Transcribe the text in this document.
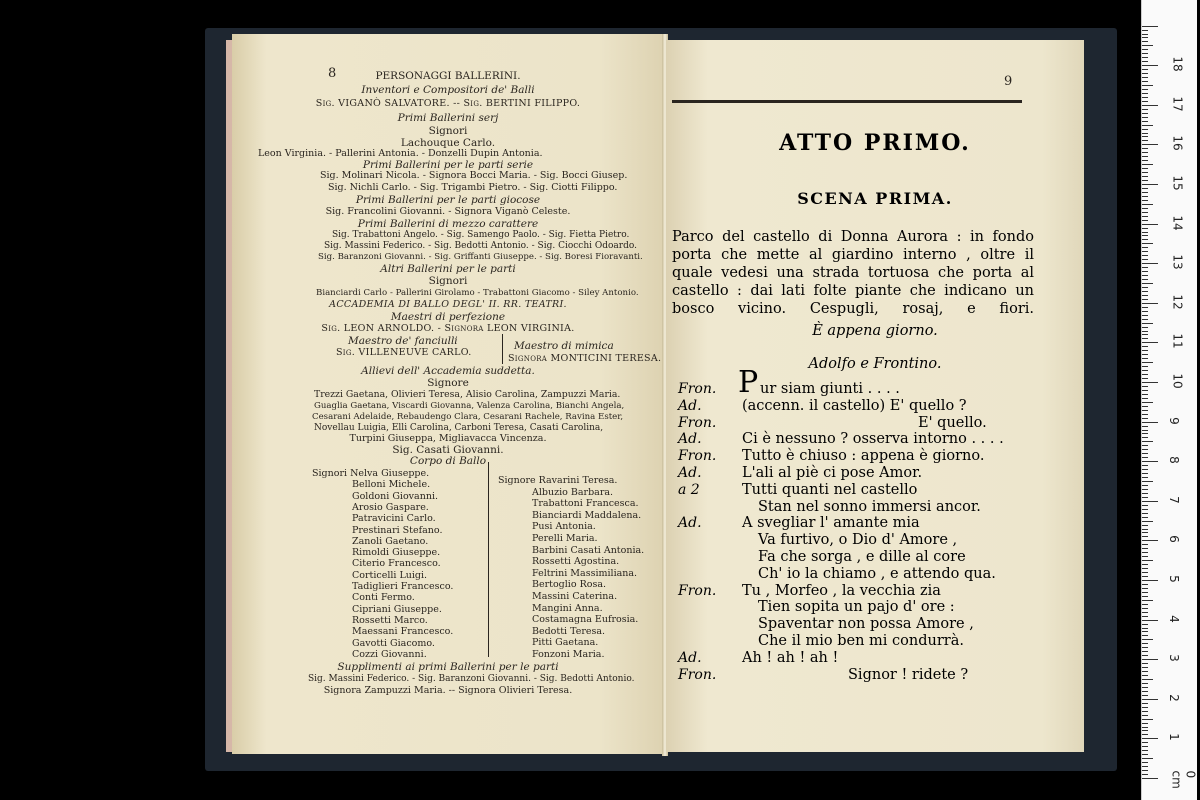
8	PERSONAGGI BALLERINI.
Inventori e Compositori de' Balli
Sig. VIGANÒ SALVATORE. -- Sig. BERTINI FILIPPO.
Primi Ballerini serj
Signori
Lachouque Carlo.
Leon Virginia. - Pallerini Antonia. - Donzelli Dupin Antonia.
Primi Ballerini per le parti serie
Sig. Molinari Nicola. - Signora Bocci Maria. - Sig. Bocci Giusep.
Sig. Nichli Carlo. - Sig. Trigambi Pietro. - Sig. Ciotti Filippo.
Primi Ballerini per le parti giocose
Sig. Francolini Giovanni. - Signora Viganò Celeste.
Primi Ballerini di mezzo carattere
Sig. Trabattoni Angelo. - Sig. Samengo Paolo. - Sig. Fietta Pietro.
Sig. Massini Federico. - Sig. Bedotti Antonio. - Sig. Ciocchi Odoardo.
Sig. Baranzoni Giovanni. - Sig. Griffanti Giuseppe. - Sig. Boresi Fioravanti.
Altri Ballerini per le parti
Signori
Bianciardi Carlo - Pallerini Girolamo - Trabattoni Giacomo - Siley Antonio.
ACCADEMIA DI BALLO DEGL' II. RR. TEATRI.
Maestri di perfezione
Sig. LEON ARNOLDO. - Signora LEON VIRGINIA.
Maestro de' fanciulli	Maestro di mimica
Sig. VILLENEUVE CARLO.
Signora MONTICINI TERESA.
Allievi dell' Accademia suddetta.
Signore
Trezzi Gaetana, Olivieri Teresa, Alisio Carolina, Zampuzzi Maria.
Guaglia Gaetana, Viscardi Giovanna, Valenza Carolina, Bianchi Angela,
Cesarani Adelaide, Rebaudengo Clara, Cesarani Rachele, Ravina Ester,
Novellau Luigia, Elli Carolina, Carboni Teresa, Casati Carolina,
Turpini Giuseppa, Migliavacca Vincenza.
Sig. Casati Giovanni.
Corpo di Ballo
Supplimenti ai primi Ballerini per le parti
Sig. Massini Federico. - Sig. Baranzoni Giovanni. - Sig. Bedotti Antonio.
Signora Zampuzzi Maria. -- Signora Olivieri Teresa.
Signori Nelva Giuseppe.
Belloni Michele.
Goldoni Giovanni.
Arosio Gaspare.
Patravicini Carlo.
Prestinari Stefano.
Zanoli Gaetano.
Rimoldi Giuseppe.
Citerio Francesco.
Corticelli Luigi.
Tadiglieri Francesco.
Conti Fermo.
Cipriani Giuseppe.
Rossetti Marco.
Maessani Francesco.
Gavotti Giacomo.
Cozzi Giovanni.
Signore Ravarini Teresa.
Albuzio Barbara.
Trabattoni Francesca.
Bianciardi Maddalena.
Pusi Antonia.
Perelli Maria.
Barbini Casati Antonia.
Rossetti Agostina.
Feltrini Massimiliana.
Bertoglio Rosa.
Massini Caterina.
Mangini Anna.
Costamagna Eufrosia.
Bedotti Teresa.
Pitti Gaetana.
Fonzoni Maria.
9
ATTO PRIMO.
SCENA PRIMA.
È appena giorno.
Adolfo e Frontino.
0 cm
1
2
3
4
5
6
7
8
9
10
11
12
13
14
15
16
17
18
Parco del castello di Donna Aurora : in fondo
porta che mette al giardino interno , oltre il
quale vedesi una strada tortuosa che porta al
castello : dai lati folte piante che indicano un
bosco vicino. Cespugli, rosaj, e fiori.
Fron. P ur siam giunti . . . .
Ad.	(accenn. il castello) E' quello ?
Fron.	E' quello.
Ad.	Ci è nessuno ? osserva intorno . . . .
Fron. Tutto è chiuso : appena è giorno.
Ad.	L'ali al piè ci pose Amor.
a 2	Tutti quanti nel castello
Stan nel sonno immersi ancor.
Ad.	A svegliar l' amante mia
Va furtivo, o Dio d' Amore ,
Fa che sorga , e dille al core
Ch' io la chiamo , e attendo qua.
Fron. Tu , Morfeo , la vecchia zia
Tien sopita un pajo d' ore :
Spaventar non possa Amore ,
Che il mio ben mi condurrà.
Ad.	Ah ! ah ! ah !
Fron.	Signor ! ridete ?
